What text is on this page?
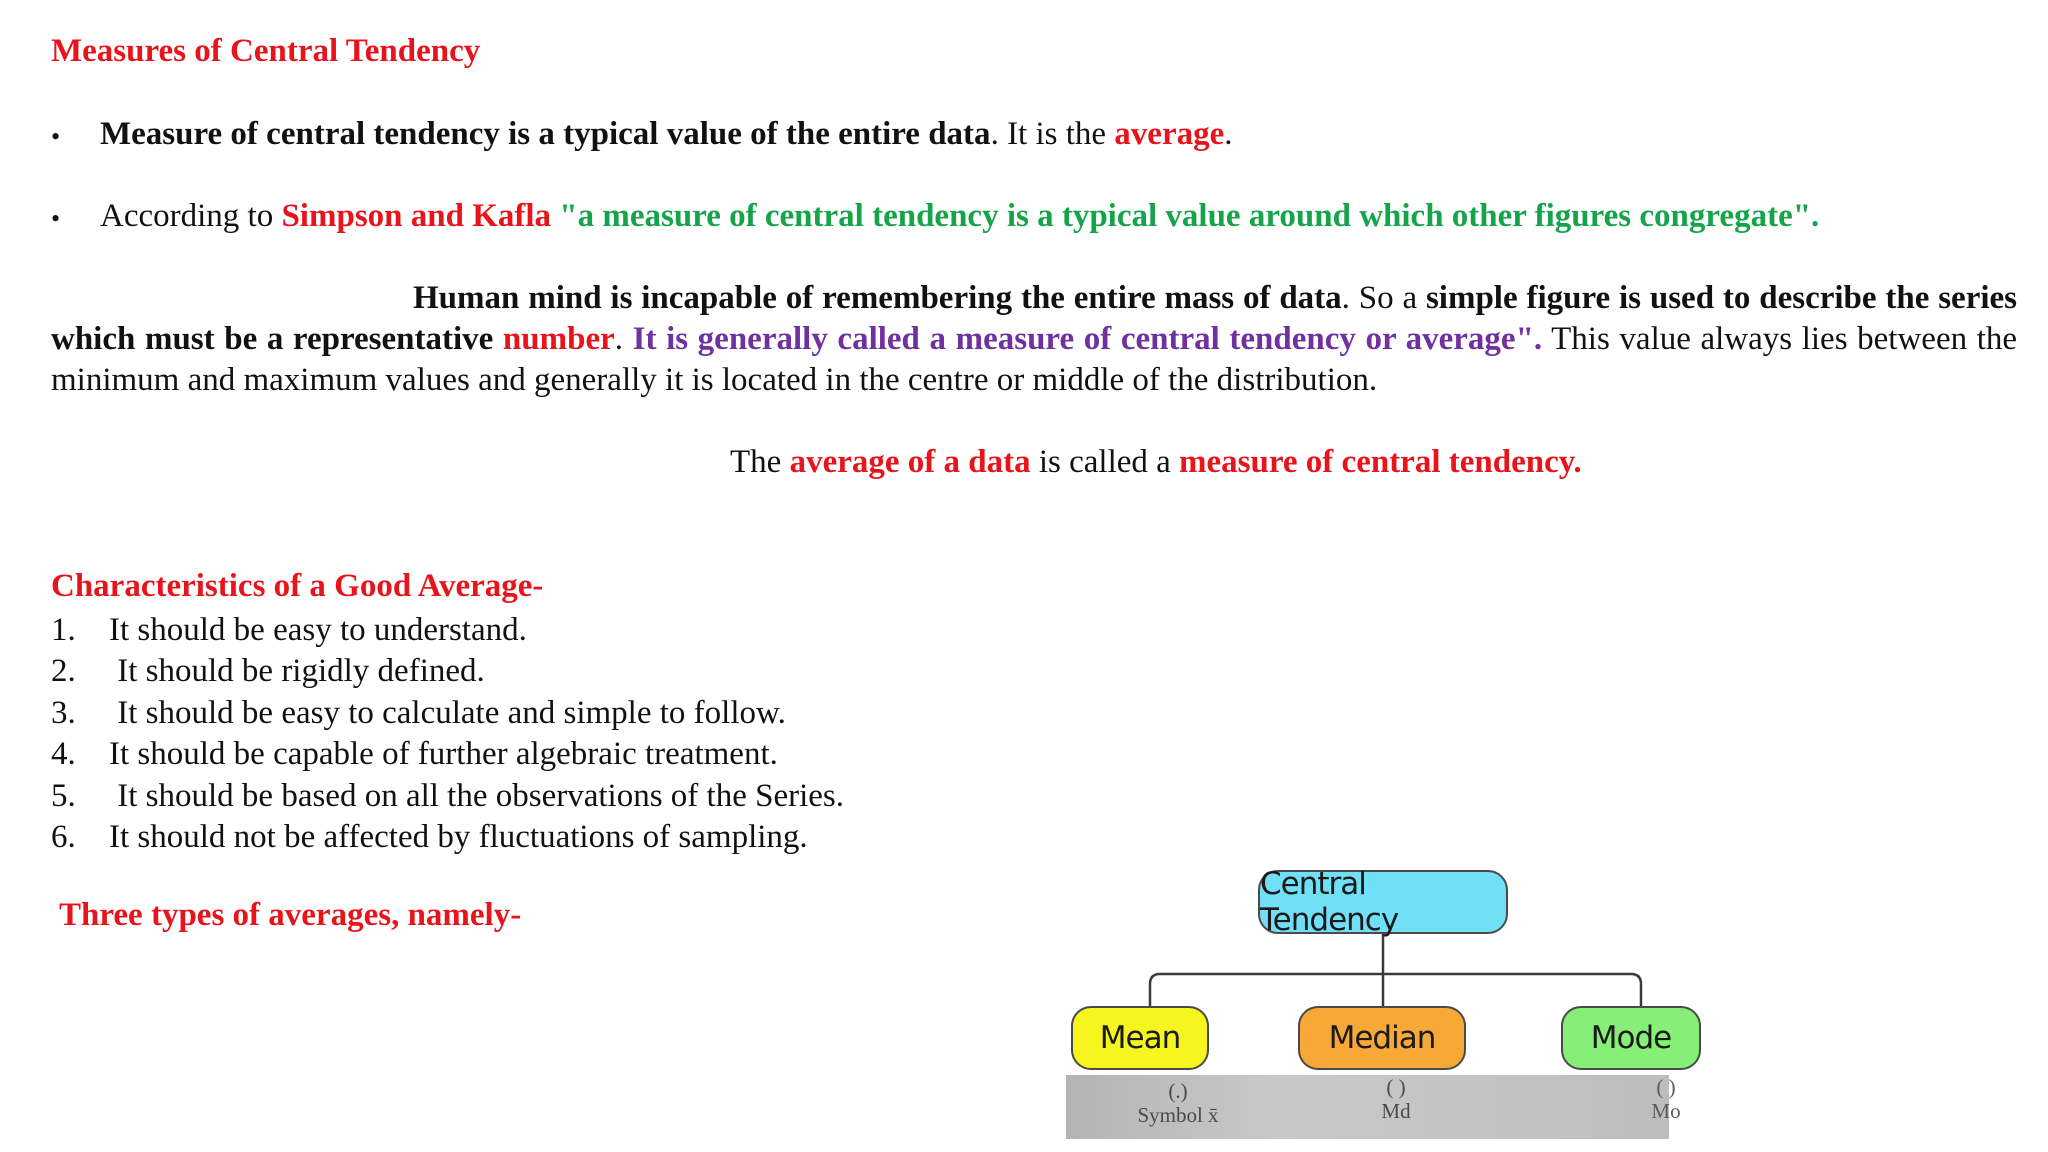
Measures of Central Tendency
•	Measure of central tendency is a typical value of the entire data. It is the average.
•	According to Simpson and Kafla "a measure of central tendency is a typical value around which other figures congregate".
Human mind is incapable of remembering the entire mass of data. So a simple figure is used to describe the series which must be a representative number. It is generally called a measure of central tendency or average". This value always lies between the minimum and maximum values and generally it is located in the centre or middle of the distribution.
The average of a data is called a measure of central tendency.
Characteristics of a Good Average-
1. It should be easy to understand.
2. It should be rigidly defined.
3. It should be easy to calculate and simple to follow.
4. It should be capable of further algebraic treatment.
5. It should be based on all the observations of the Series.
6. It should not be affected by fluctuations of sampling.
Three types of averages, namely-
Central Tendency
Mean	Median	Mode
(.)
Symbol x̄
( )
Md
( )
Mo
